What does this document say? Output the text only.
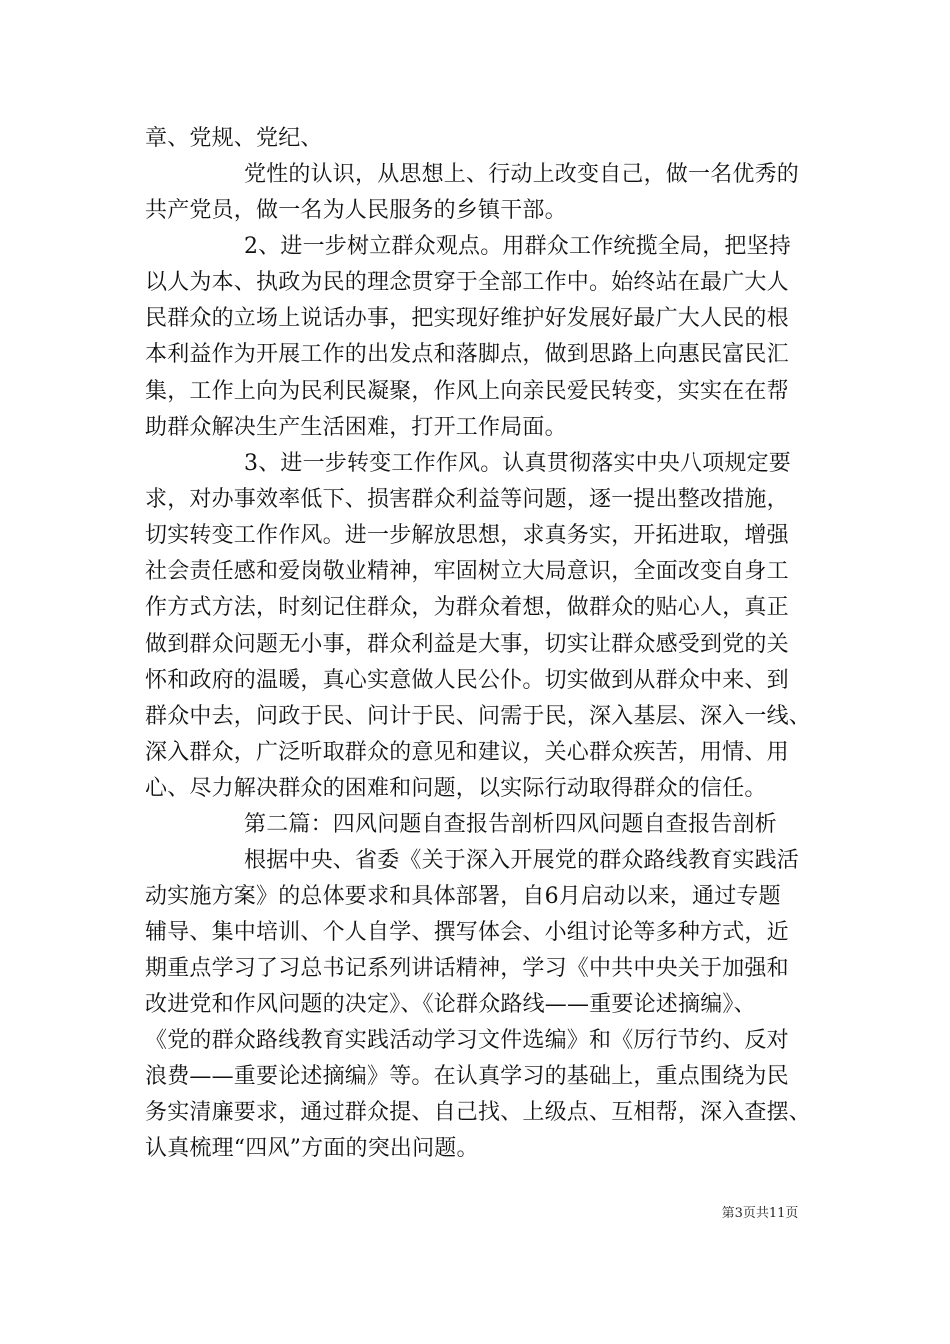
章、党规、党纪、
党性的认识，从思想上、行动上改变自己，做一名优秀的
共产党员，做一名为人民服务的乡镇干部。
2、进一步树立群众观点。用群众工作统揽全局，把坚持
以人为本、执政为民的理念贯穿于全部工作中。始终站在最广大人
民群众的立场上说话办事，把实现好维护好发展好最广大人民的根
本利益作为开展工作的出发点和落脚点，做到思路上向惠民富民汇
集，工作上向为民利民凝聚，作风上向亲民爱民转变，实实在在帮
助群众解决生产生活困难，打开工作局面。
3、进一步转变工作作风。认真贯彻落实中央八项规定要
求，对办事效率低下、损害群众利益等问题，逐一提出整改措施，
切实转变工作作风。进一步解放思想，求真务实，开拓进取，增强
社会责任感和爱岗敬业精神，牢固树立大局意识，全面改变自身工
作方式方法，时刻记住群众，为群众着想，做群众的贴心人，真正
做到群众问题无小事，群众利益是大事，切实让群众感受到党的关
怀和政府的温暖，真心实意做人民公仆。切实做到从群众中来、到
群众中去，问政于民、问计于民、问需于民，深入基层、深入一线、
深入群众，广泛听取群众的意见和建议，关心群众疾苦，用情、用
心、尽力解决群众的困难和问题，以实际行动取得群众的信任。
第二篇：四风问题自查报告剖析四风问题自查报告剖析
根据中央、省委《关于深入开展党的群众路线教育实践活
动实施方案》的总体要求和具体部署，自6月启动以来，通过专题
辅导、集中培训、个人自学、撰写体会、小组讨论等多种方式，近
期重点学习了习总书记系列讲话精神，学习《中共中央关于加强和
改进党和作风问题的决定》、《论群众路线——重要论述摘编》、
《党的群众路线教育实践活动学习文件选编》和《厉行节约、反对
浪费——重要论述摘编》等。在认真学习的基础上，重点围绕为民
务实清廉要求，通过群众提、自己找、上级点、互相帮，深入查摆、
认真梳理“四风”方面的突出问题。
第3页共11页
